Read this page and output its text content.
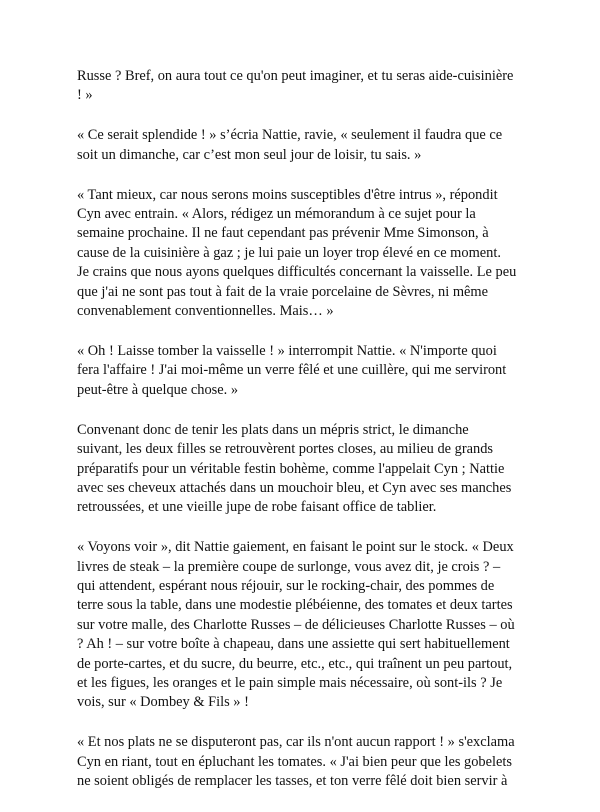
Russe ? Bref, on aura tout ce qu'on peut imaginer, et tu seras aide-cuisinière
! »

« Ce serait splendide ! » s’écria Nattie, ravie, « seulement il faudra que ce
soit un dimanche, car c’est mon seul jour de loisir, tu sais. »

« Tant mieux, car nous serons moins susceptibles d'être intrus », répondit
Cyn avec entrain. « Alors, rédigez un mémorandum à ce sujet pour la
semaine prochaine. Il ne faut cependant pas prévenir Mme Simonson, à
cause de la cuisinière à gaz ; je lui paie un loyer trop élevé en ce moment.
Je crains que nous ayons quelques difficultés concernant la vaisselle. Le peu
que j'ai ne sont pas tout à fait de la vraie porcelaine de Sèvres, ni même
convenablement conventionnelles. Mais… »

« Oh ! Laisse tomber la vaisselle ! » interrompit Nattie. « N'importe quoi
fera l'affaire ! J'ai moi-même un verre fêlé et une cuillère, qui me serviront
peut-être à quelque chose. »

Convenant donc de tenir les plats dans un mépris strict, le dimanche
suivant, les deux filles se retrouvèrent portes closes, au milieu de grands
préparatifs pour un véritable festin bohème, comme l'appelait Cyn ; Nattie
avec ses cheveux attachés dans un mouchoir bleu, et Cyn avec ses manches
retroussées, et une vieille jupe de robe faisant office de tablier.

« Voyons voir », dit Nattie gaiement, en faisant le point sur le stock. « Deux
livres de steak – la première coupe de surlonge, vous avez dit, je crois ? –
qui attendent, espérant nous réjouir, sur le rocking-chair, des pommes de
terre sous la table, dans une modestie plébéienne, des tomates et deux tartes
sur votre malle, des Charlotte Russes – de délicieuses Charlotte Russes – où
? Ah ! – sur votre boîte à chapeau, dans une assiette qui sert habituellement
de porte-cartes, et du sucre, du beurre, etc., etc., qui traînent un peu partout,
et les figues, les oranges et le pain simple mais nécessaire, où sont-ils ? Je
vois, sur « Dombey & Fils » !

« Et nos plats ne se disputeront pas, car ils n'ont aucun rapport ! » s'exclama
Cyn en riant, tout en épluchant les tomates. « J'ai bien peur que les gobelets
ne soient obligés de remplacer les tasses, et ton verre fêlé doit bien servir à
